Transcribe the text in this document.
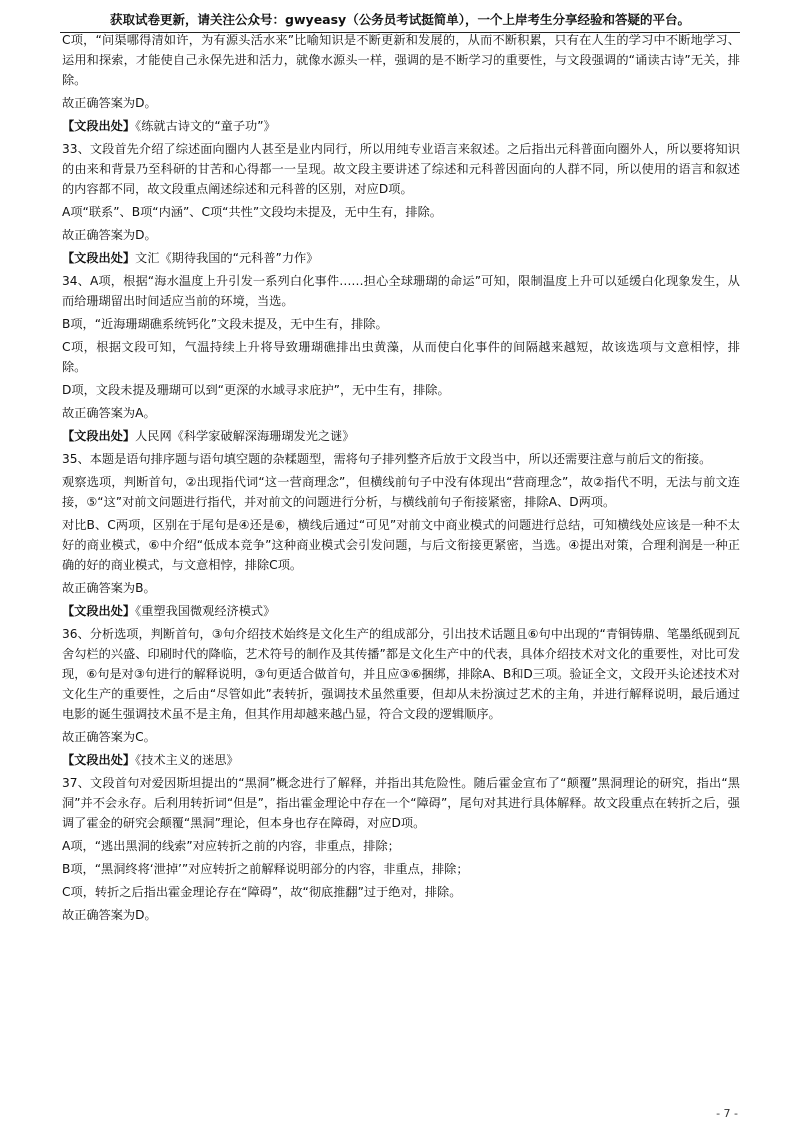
获取试卷更新，请关注公众号：gwyeasy（公务员考试挺简单），一个上岸考生分享经验和答疑的平台。

C项，“问渠哪得清如许，为有源头活水来”比喻知识是不断更新和发展的，从而不断积累，只有在人生的学习中不断地学习、运用和探索，才能使自己永保先进和活力，就像水源头一样，强调的是不断学习的重要性，与文段强调的“诵读古诗”无关，排除。

故正确答案为D。

【文段出处】《练就古诗文的“童子功”》

33、文段首先介绍了综述面向圈内人甚至是业内同行，所以用纯专业语言来叙述。之后指出元科普面向圈外人，所以要将知识的由来和背景乃至科研的甘苦和心得都一一呈现。故文段主要讲述了综述和元科普因面向的人群不同，所以使用的语言和叙述的内容都不同，故文段重点阐述综述和元科普的区别，对应D项。

A项“联系”、B项“内涵”、C项“共性”文段均未提及，无中生有，排除。

故正确答案为D。

【文段出处】文汇《期待我国的“元科普”力作》

34、A项，根据“海水温度上升引发一系列白化事件……担心全球珊瑚的命运”可知，限制温度上升可以延缓白化现象发生，从而给珊瑚留出时间适应当前的环境，当选。

B项，“近海珊瑚礁系统钙化”文段未提及，无中生有，排除。

C项，根据文段可知，气温持续上升将导致珊瑚礁排出虫黄藻，从而使白化事件的间隔越来越短，故该选项与文意相悖，排除。

D项，文段未提及珊瑚可以到“更深的水域寻求庇护”，无中生有，排除。

故正确答案为A。

【文段出处】人民网《科学家破解深海珊瑚发光之谜》

35、本题是语句排序题与语句填空题的杂糅题型，需将句子排列整齐后放于文段当中，所以还需要注意与前后文的衔接。

观察选项，判断首句，②出现指代词“这一营商理念”，但横线前句子中没有体现出“营商理念”，故②指代不明，无法与前文连接，⑤“这”对前文问题进行指代，并对前文的问题进行分析，与横线前句子衔接紧密，排除A、D两项。

对比B、C两项，区别在于尾句是④还是⑥，横线后通过“可见”对前文中商业模式的问题进行总结，可知横线处应该是一种不太好的商业模式，⑥中介绍“低成本竞争”这种商业模式会引发问题，与后文衔接更紧密，当选。④提出对策，合理利润是一种正确的好的商业模式，与文意相悖，排除C项。

故正确答案为B。

【文段出处】《重塑我国微观经济模式》

36、分析选项，判断首句，③句介绍技术始终是文化生产的组成部分，引出技术话题且⑥句中出现的“青铜铸鼎、笔墨纸砚到瓦舍勾栏的兴盛、印刷时代的降临，艺术符号的制作及其传播”都是文化生产中的代表，具体介绍技术对文化的重要性，对比可发现，⑥句是对③句进行的解释说明，③句更适合做首句，并且应③⑥捆绑，排除A、B和D三项。验证全文，文段开头论述技术对文化生产的重要性，之后由“尽管如此”表转折，强调技术虽然重要，但却从未扮演过艺术的主角，并进行解释说明，最后通过电影的诞生强调技术虽不是主角，但其作用却越来越凸显，符合文段的逻辑顺序。

故正确答案为C。

【文段出处】《技术主义的迷思》

37、文段首句对爱因斯坦提出的“黑洞”概念进行了解释，并指出其危险性。随后霍金宣布了“颠覆”黑洞理论的研究，指出“黑洞”并不会永存。后利用转折词“但是”，指出霍金理论中存在一个“障碍”，尾句对其进行具体解释。故文段重点在转折之后，强调了霍金的研究会颠覆“黑洞”理论，但本身也存在障碍，对应D项。

A项，“逃出黑洞的线索”对应转折之前的内容，非重点，排除；

B项，“黑洞终将‘泄掉’”对应转折之前解释说明部分的内容，非重点，排除；

C项，转折之后指出霍金理论存在“障碍”，故“彻底推翻”过于绝对，排除。

故正确答案为D。

- 7 -
